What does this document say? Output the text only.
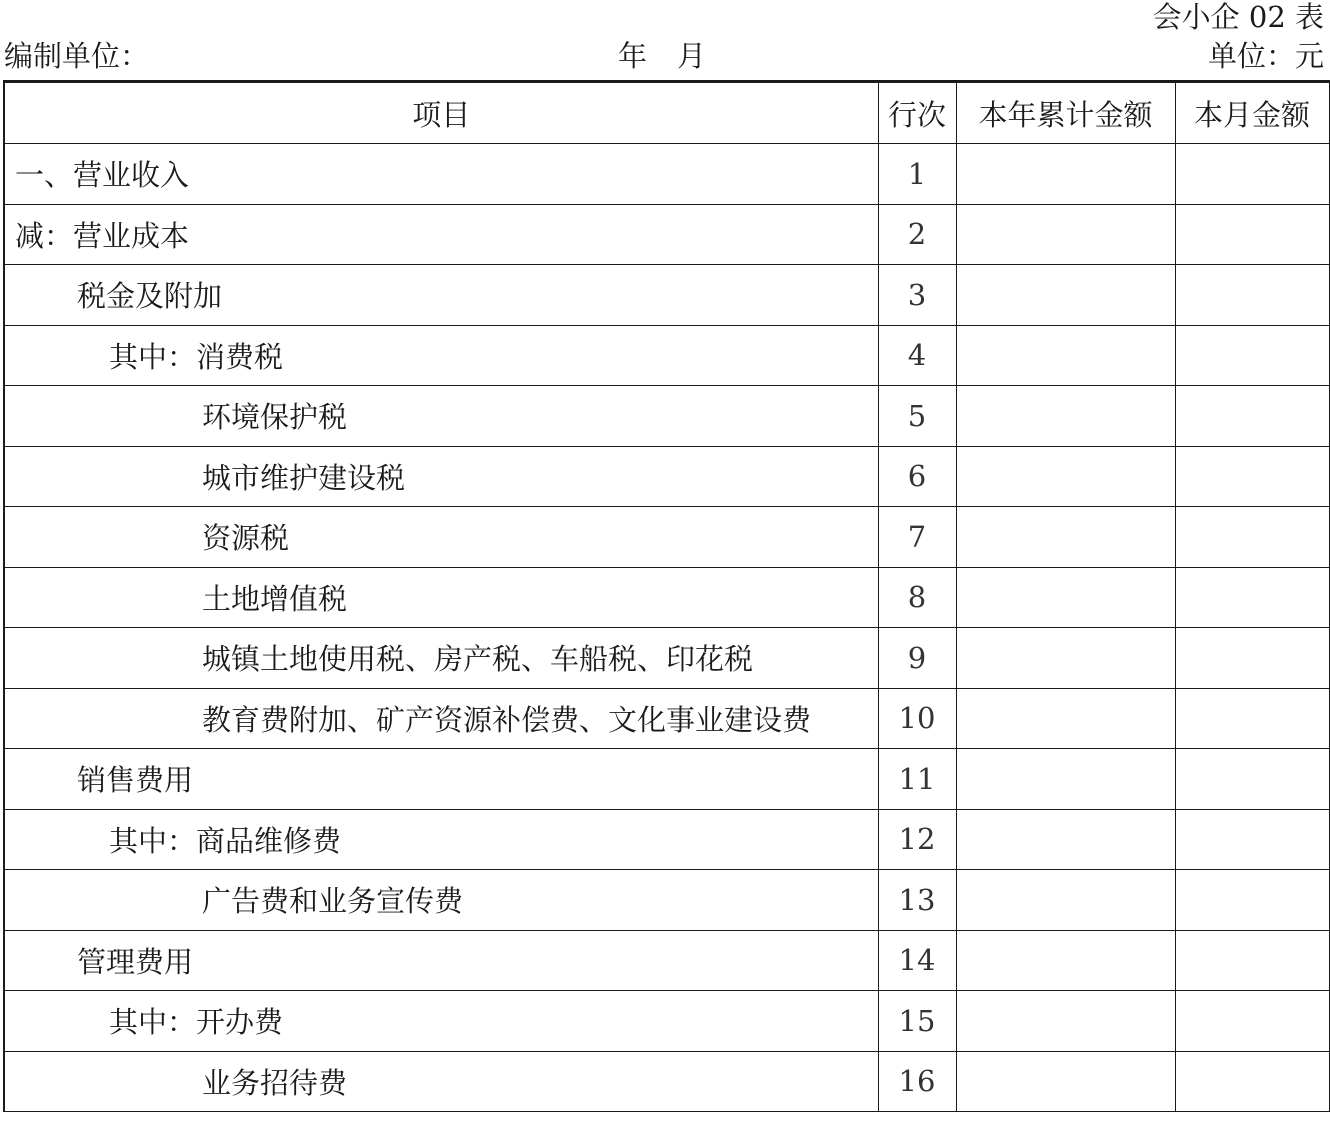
会小企 02 表
编制单位：	年 月	单位：元
项目	行次	本年累计金额	本月金额
一、营业收入	1		
减：营业成本	2		
税金及附加	3		
其中：消费税	4		
环境保护税	5		
城市维护建设税	6		
资源税	7		
土地增值税	8		
城镇土地使用税、房产税、车船税、印花税	9		
教育费附加、矿产资源补偿费、文化事业建设费	10		
销售费用	11		
其中：商品维修费	12		
广告费和业务宣传费	13		
管理费用	14		
其中：开办费	15		
业务招待费	16		
